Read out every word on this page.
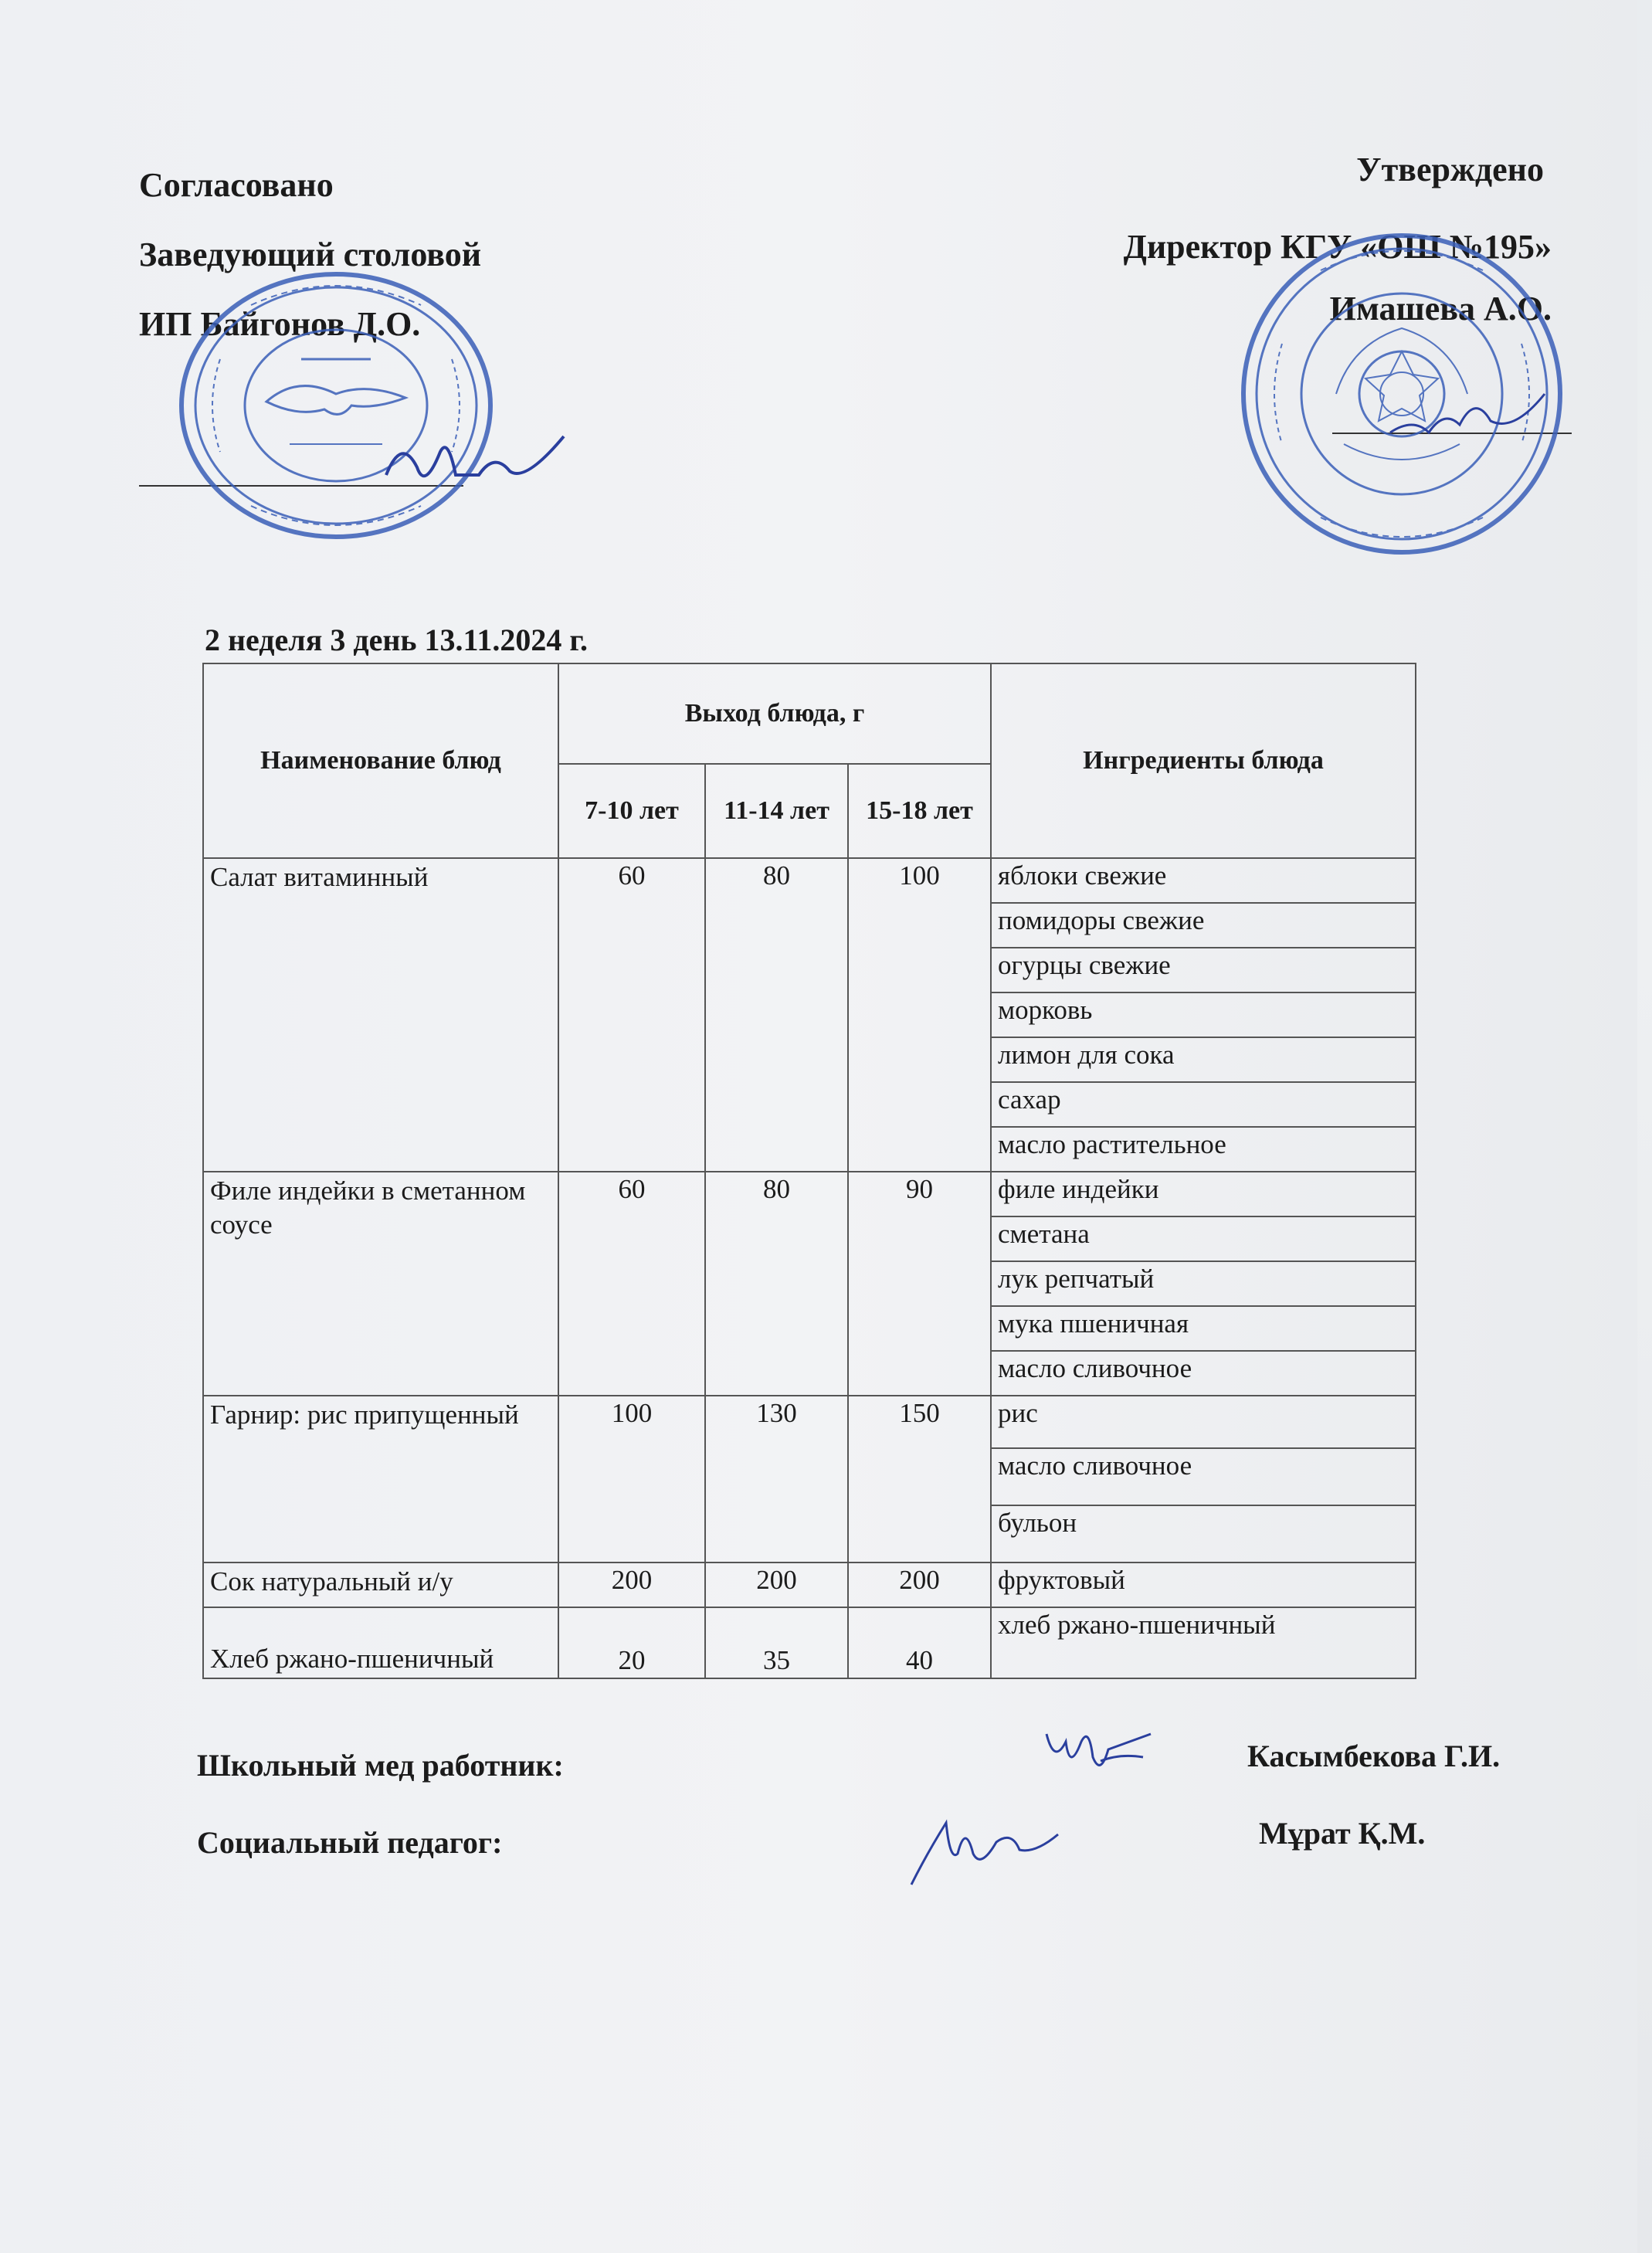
Согласовано
Заведующий столовой
ИП Байгонов Д.О.
Утверждено
Директор КГУ «ОШ №195»
Имашева А.О.
2 неделя 3 день 13.11.2024 г.
Наименование блюд	Выход блюда, г			Ингредиенты блюда
	7-10 лет	11-14 лет	15-18 лет	
Салат витаминный	60	80	100	яблоки свежие
				помидоры свежие
				огурцы свежие
				морковь
				лимон для сока
				сахар
				масло растительное
Филе индейки в сметанном соусе	60	80	90	филе индейки
				сметана
				лук репчатый
				мука пшеничная
				масло сливочное
Гарнир: рис припущенный	100	130	150	рис
				масло сливочное
				бульон
Сок натуральный и/у	200	200	200	фруктовый
Хлеб ржано-пшеничный	20	35	40	хлеб ржано-пшеничный
Школьный мед работник:	Касымбекова Г.И.
Социальный педагог:	Мұрат Қ.М.
